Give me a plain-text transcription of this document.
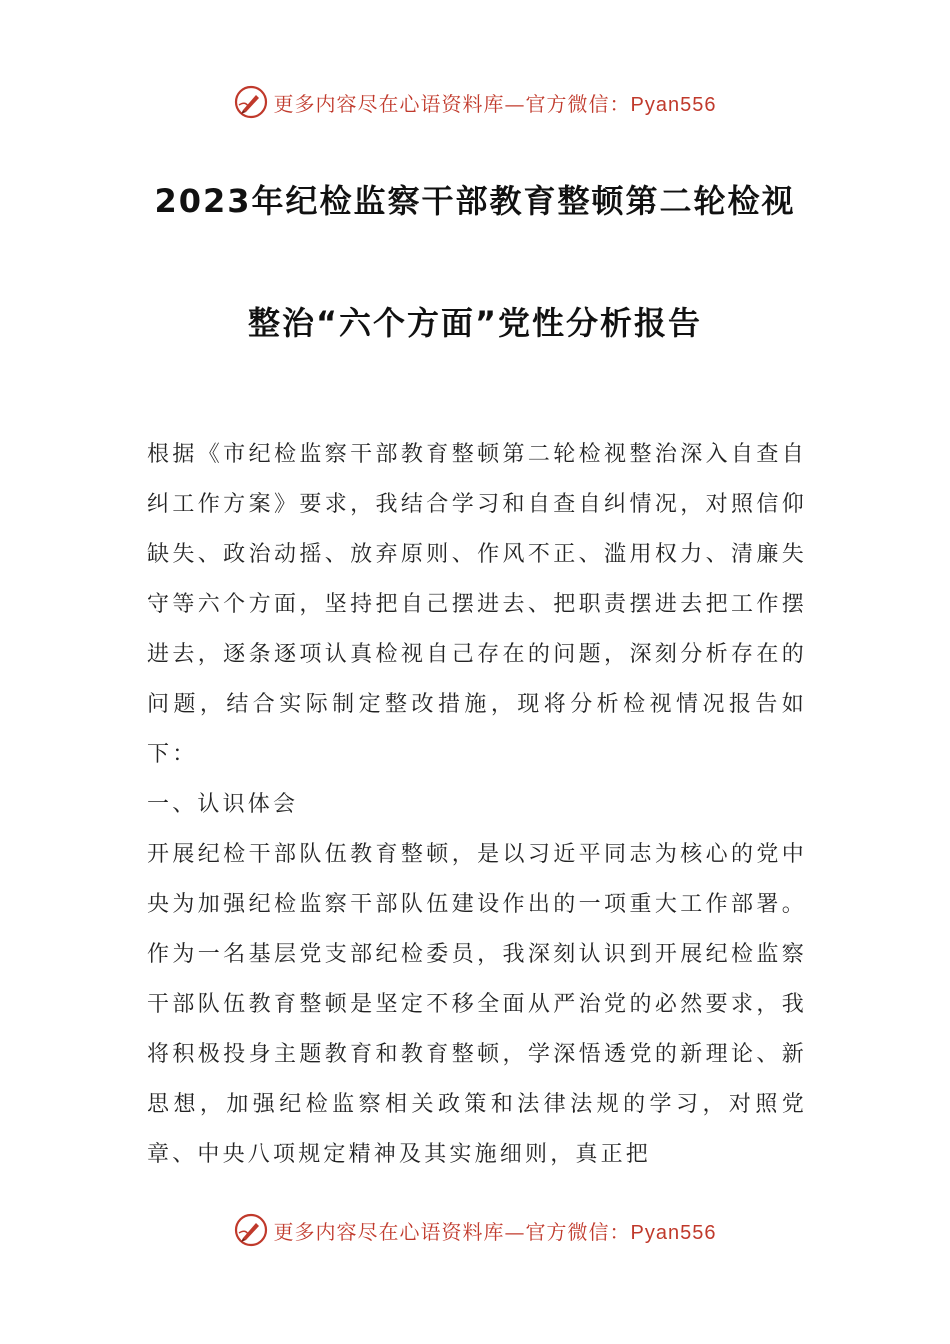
更多内容尽在心语资料库—官方微信：Pyan556
2023年纪检监察干部教育整顿第二轮检视
整治“六个方面”党性分析报告

根据《市纪检监察干部教育整顿第二轮检视整治深入自查自纠工作方案》要求，我结合学习和自查自纠情况，对照信仰缺失、政治动摇、放弃原则、作风不正、滥用权力、清廉失守等六个方面，坚持把自己摆进去、把职责摆进去把工作摆进去，逐条逐项认真检视自己存在的问题，深刻分析存在的问题，结合实际制定整改措施，现将分析检视情况报告如下：

一、认识体会

开展纪检干部队伍教育整顿，是以习近平同志为核心的党中央为加强纪检监察干部队伍建设作出的一项重大工作部署。作为一名基层党支部纪检委员，我深刻认识到开展纪检监察干部队伍教育整顿是坚定不移全面从严治党的必然要求，我将积极投身主题教育和教育整顿，学深悟透党的新理论、新思想，加强纪检监察相关政策和法律法规的学习，对照党章、中央八项规定精神及其实施细则，真正把

更多内容尽在心语资料库—官方微信：Pyan556
